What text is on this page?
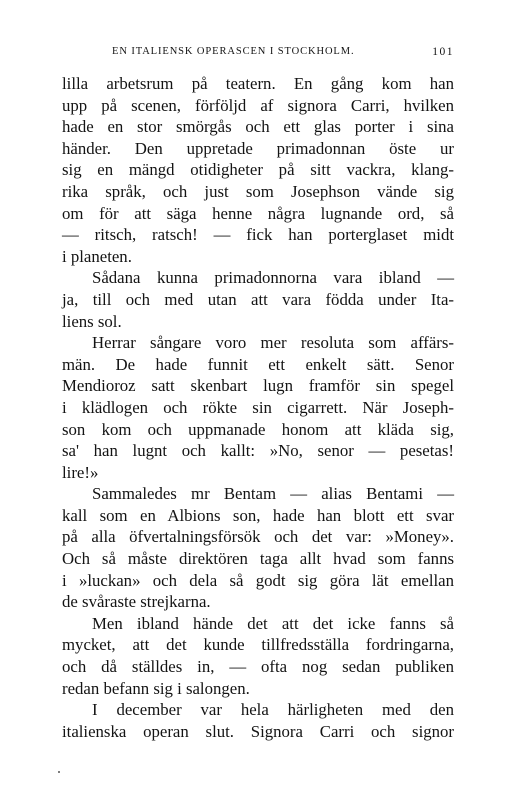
EN ITALIENSK OPERASCEN I STOCKHOLM.	101
lilla arbetsrum på teatern. En gång kom han
upp på scenen, förföljd af signora Carri, hvilken
hade en stor smörgås och ett glas porter i sina
händer. Den uppretade primadonnan öste ur
sig en mängd otidigheter på sitt vackra, klang-
rika språk, och just som Josephson vände sig
om för att säga henne några lugnande ord, så
— ritsch, ratsch! — fick han porterglaset midt
i planeten.
Sådana kunna primadonnorna vara ibland —
ja, till och med utan att vara födda under Ita-
liens sol.
Herrar sångare voro mer resoluta som affärs-
män. De hade funnit ett enkelt sätt. Senor
Mendioroz satt skenbart lugn framför sin spegel
i klädlogen och rökte sin cigarrett. När Joseph-
son kom och uppmanade honom att kläda sig,
sa' han lugnt och kallt: »No, senor — pesetas!
lire!»
Sammaledes mr Bentam — alias Bentami —
kall som en Albions son, hade han blott ett svar
på alla öfvertalningsförsök och det var: »Money».
Och så måste direktören taga allt hvad som fanns
i »luckan» och dela så godt sig göra lät emellan
de svåraste strejkarna.
Men ibland hände det att det icke fanns så
mycket, att det kunde tillfredsställa fordringarna,
och då ställdes in, — ofta nog sedan publiken
redan befann sig i salongen.
I december var hela härligheten med den
italienska operan slut. Signora Carri och signor
